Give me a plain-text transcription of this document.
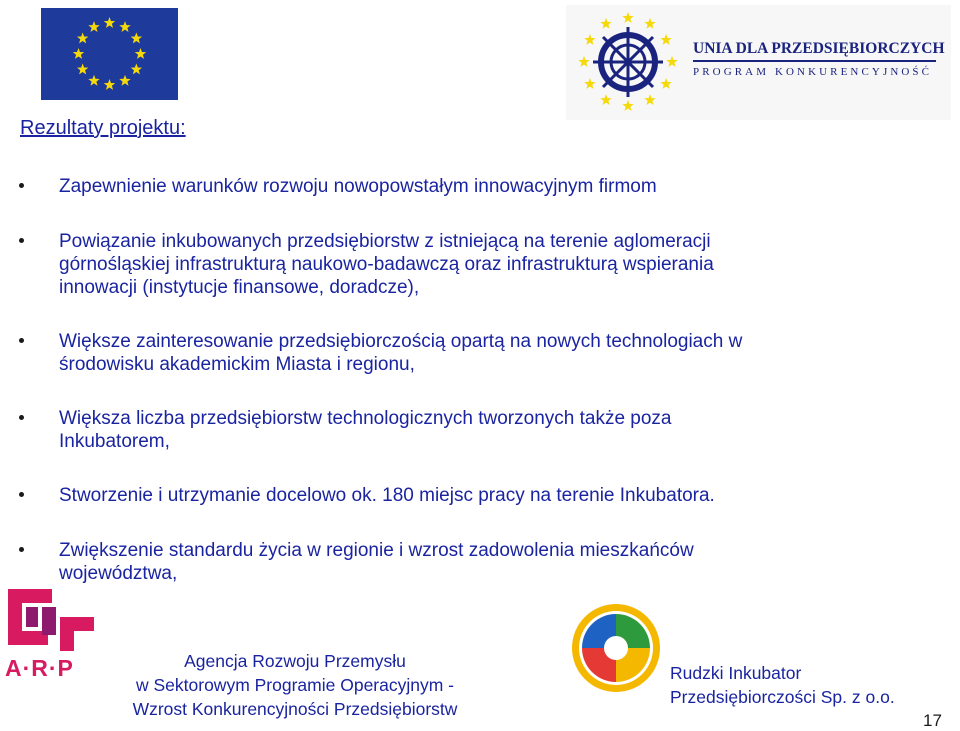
UNIA DLA PRZEDSIĘBIORCZYCH
PROGRAM KONKURENCYJNOŚĆ
Rezultaty projektu:
Zapewnienie warunków rozwoju nowopowstałym innowacyjnym firmom
Powiązanie inkubowanych przedsiębiorstw z istniejącą na terenie aglomeracji
górnośląskiej infrastrukturą naukowo-badawczą oraz infrastrukturą wspierania
innowacji (instytucje finansowe, doradcze),
Większe zainteresowanie przedsiębiorczością opartą na nowych technologiach w
środowisku akademickim Miasta i regionu,
Większa liczba przedsiębiorstw technologicznych tworzonych także poza
Inkubatorem,
Stworzenie i utrzymanie docelowo ok. 180 miejsc pracy na terenie Inkubatora.
Zwiększenie standardu życia w regionie i wzrost zadowolenia mieszkańców
województwa,
A·R·P	Agencja Rozwoju Przemysłu
w Sektorowym Programie Operacyjnym -
Wzrost Konkurencyjności Przedsiębiorstw
Rudzki Inkubator
Przedsiębiorczości Sp. z o.o.
17
